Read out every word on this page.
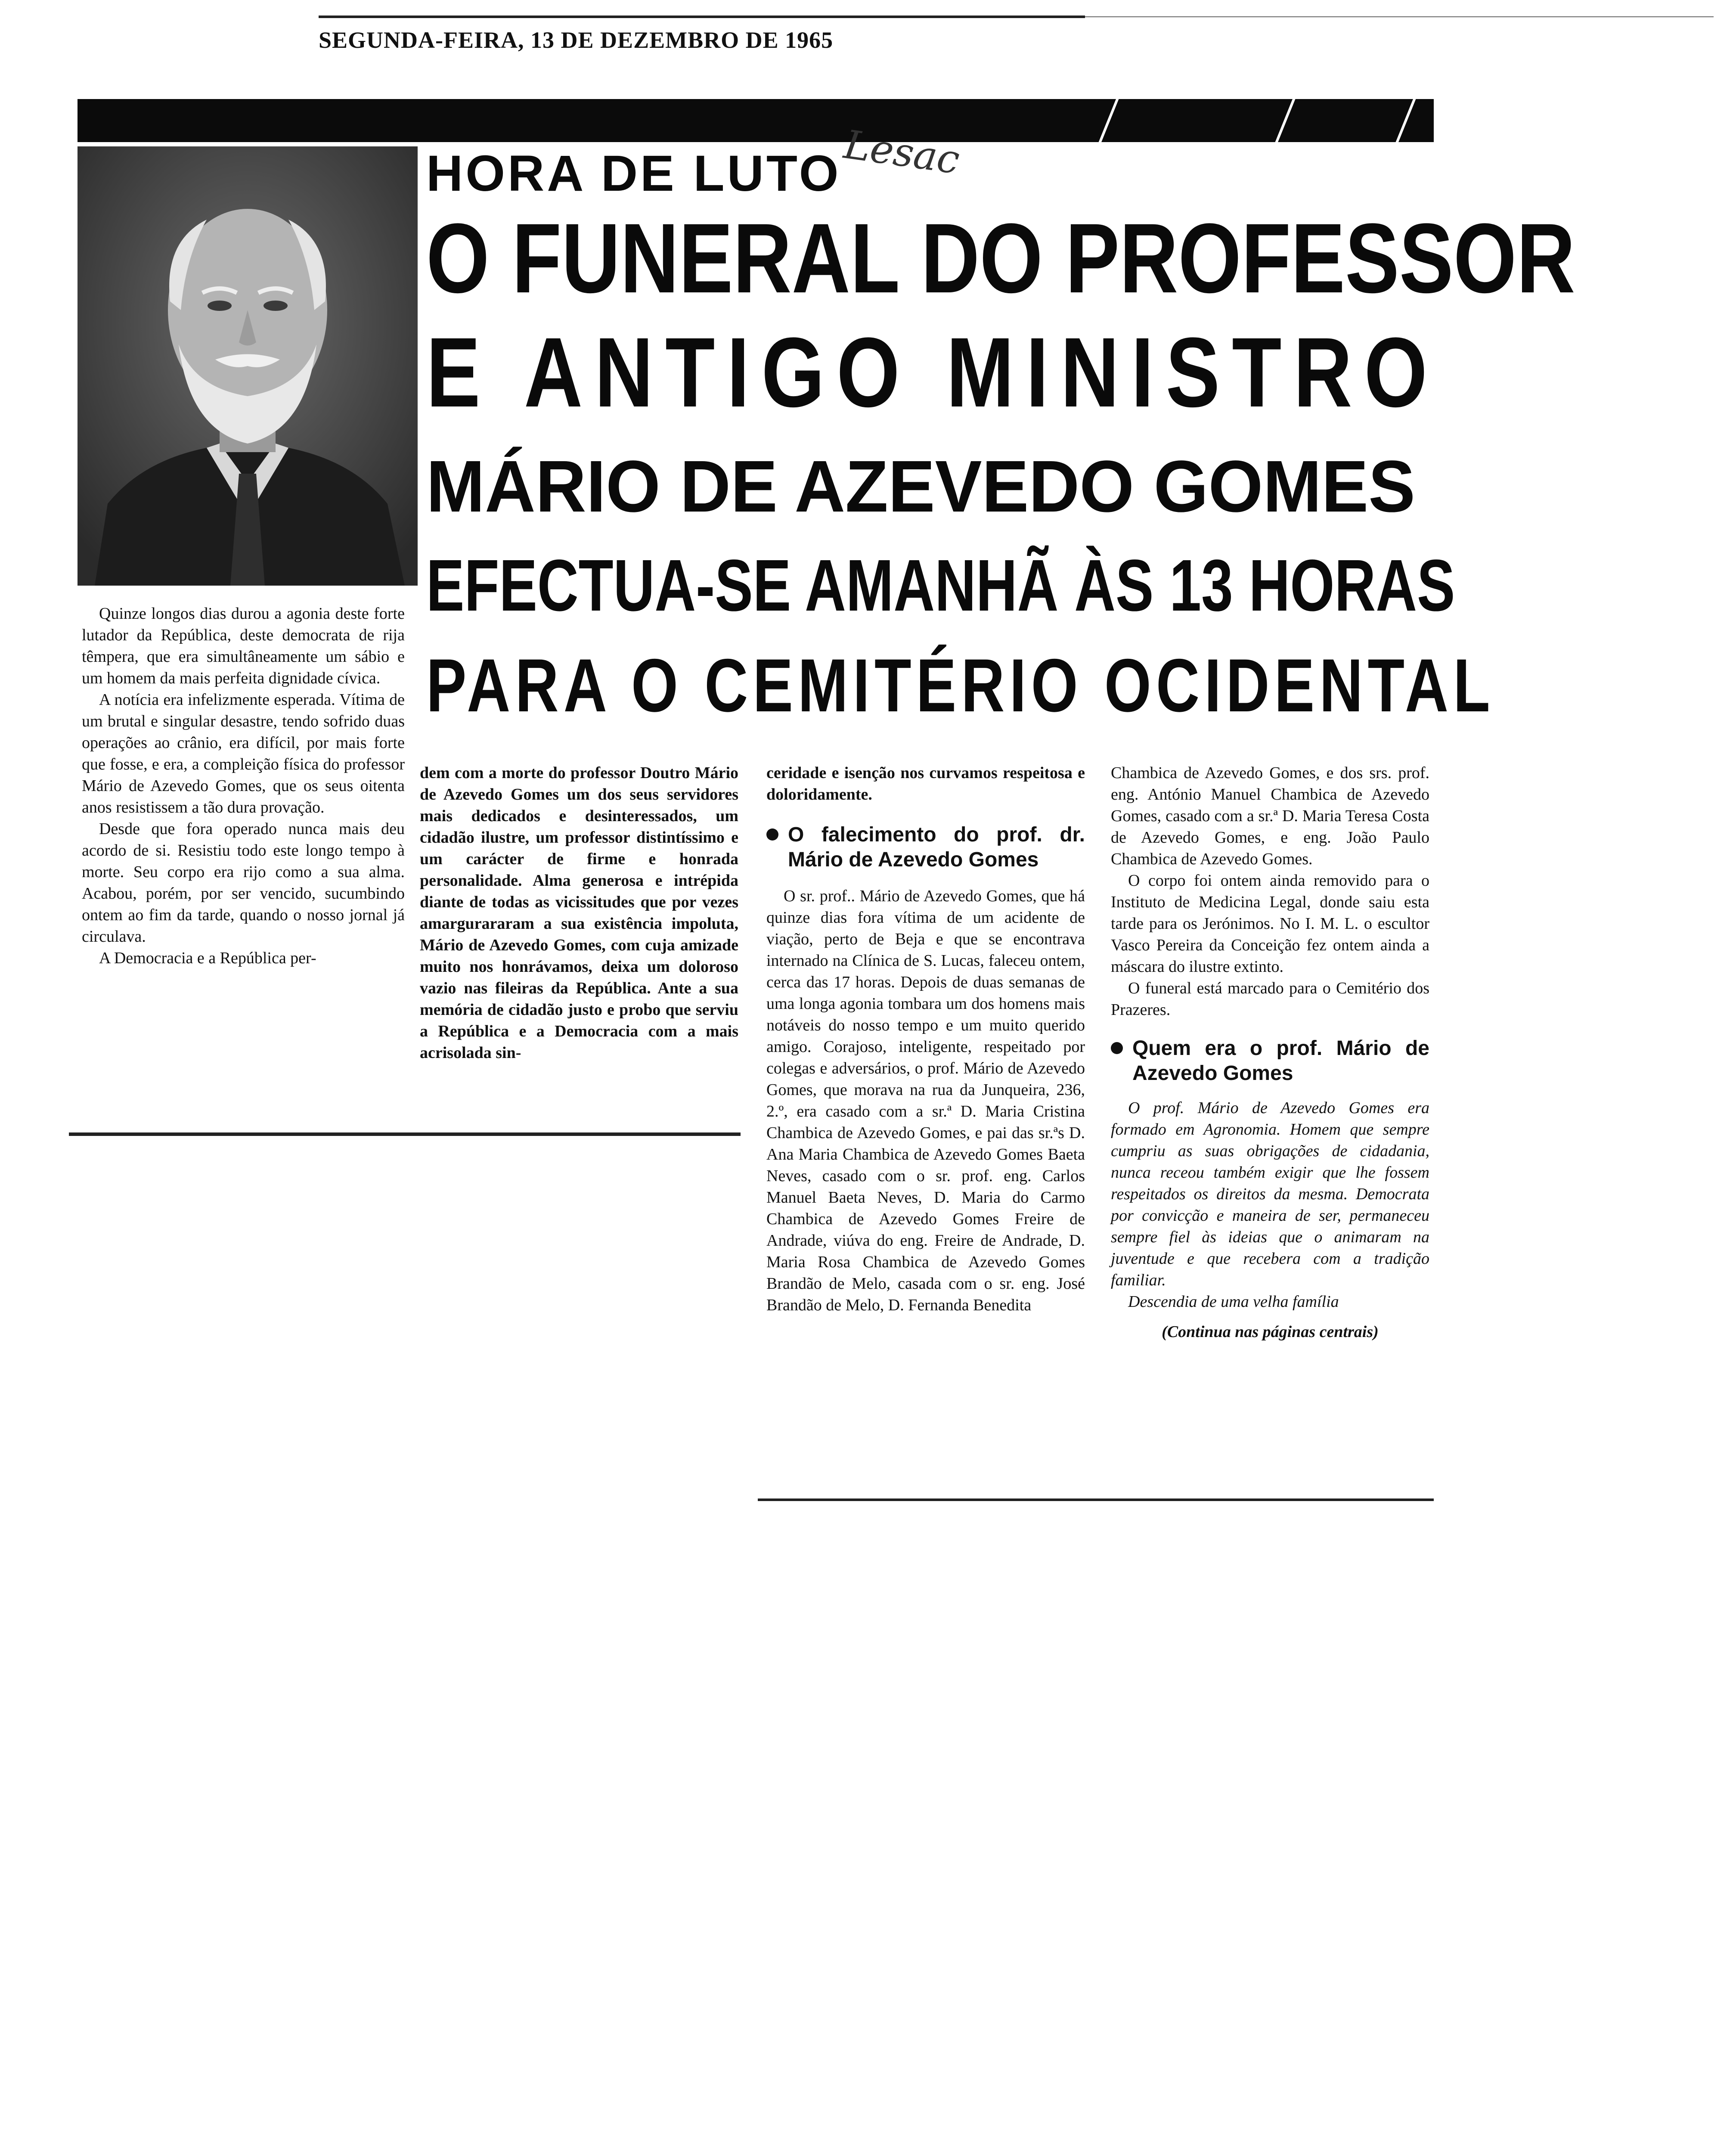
SEGUNDA-FEIRA, 13 DE DEZEMBRO DE 1965
HORA DE LUTO Lesac
O FUNERAL DO PROFESSOR
E ANTIGO MINISTRO
MÁRIO DE AZEVEDO GOMES
EFECTUA-SE AMANHÃ ÀS 13 HORAS
PARA O CEMITÉRIO OCIDENTAL

Quinze longos dias durou a agonia deste forte lutador da República, deste democrata de rija têmpera, que era simultâneamente um sábio e um homem da mais perfeita dignidade cívica.

A notícia era infelizmente esperada. Vítima de um brutal e singular desastre, tendo sofrido duas operações ao crânio, era difícil, por mais forte que fosse, e era, a compleição física do professor Mário de Azevedo Gomes, que os seus oitenta anos resistissem a tão dura provação.

Desde que fora operado nunca mais deu acordo de si. Resistiu todo este longo tempo à morte. Seu corpo era rijo como a sua alma. Acabou, porém, por ser vencido, sucumbindo ontem ao fim da tarde, quando o nosso jornal já circulava.

A Democracia e a República per-

dem com a morte do professor Doutro Mário de Azevedo Gomes um dos seus servidores mais dedicados e desinteressados, um cidadão ilustre, um professor distintíssimo e um carácter de firme e honrada personalidade. Alma generosa e intrépida diante de todas as vicissitudes que por vezes amargurararam a sua existência impoluta, Mário de Azevedo Gomes, com cuja amizade muito nos honrávamos, deixa um doloroso vazio nas fileiras da República. Ante a sua memória de cidadão justo e probo que serviu a República e a Democracia com a mais acrisolada sin-

ceridade e isenção nos curvamos respeitosa e doloridamente.

O falecimento do prof. dr. Mário de Azevedo Gomes

O sr. prof.. Mário de Azevedo Gomes, que há quinze dias fora vítima de um acidente de viação, perto de Beja e que se encontrava internado na Clínica de S. Lucas, faleceu ontem, cerca das 17 horas. Depois de duas semanas de uma longa agonia tombara um dos homens mais notáveis do nosso tempo e um muito querido amigo. Corajoso, inteligente, respeitado por colegas e adversários, o prof. Mário de Azevedo Gomes, que morava na rua da Junqueira, 236, 2.º, era casado com a sr.ª D. Maria Cristina Chambica de Azevedo Gomes, e pai das sr.ªs D. Ana Maria Chambica de Azevedo Gomes Baeta Neves, casado com o sr. prof. eng. Carlos Manuel Baeta Neves, D. Maria do Carmo Chambica de Azevedo Gomes Freire de Andrade, viúva do eng. Freire de Andrade, D. Maria Rosa Chambica de Azevedo Gomes Brandão de Melo, casada com o sr. eng. José Brandão de Melo, D. Fernanda Benedita

Chambica de Azevedo Gomes, e dos srs. prof. eng. António Manuel Chambica de Azevedo Gomes, casado com a sr.ª D. Maria Teresa Costa de Azevedo Gomes, e eng. João Paulo Chambica de Azevedo Gomes.

O corpo foi ontem ainda removido para o Instituto de Medicina Legal, donde saiu esta tarde para os Jerónimos. No I. M. L. o escultor Vasco Pereira da Conceição fez ontem ainda a máscara do ilustre extinto.

O funeral está marcado para o Cemitério dos Prazeres.

Quem era o prof. Mário de Azevedo Gomes

O prof. Mário de Azevedo Gomes era formado em Agronomia. Homem que sempre cumpriu as suas obrigações de cidadania, nunca receou também exigir que lhe fossem respeitados os direitos da mesma. Democrata por convicção e maneira de ser, permaneceu sempre fiel às ideias que o animaram na juventude e que recebera com a tradição familiar.

Descendia de uma velha família

(Continua nas páginas centrais)
